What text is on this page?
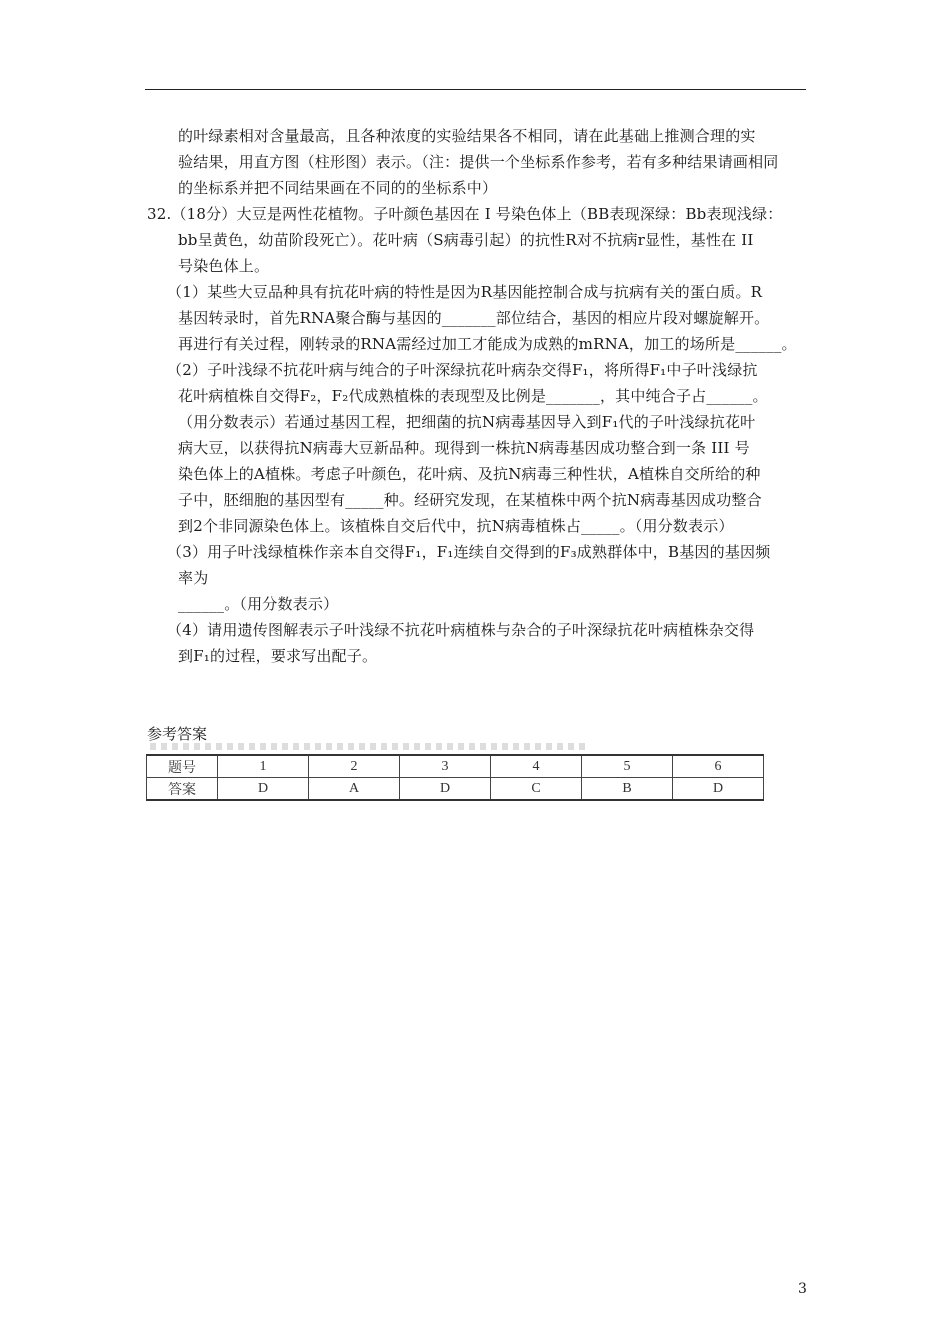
的叶绿素相对含量最高，且各种浓度的实验结果各不相同，请在此基础上推测合理的实
验结果，用直方图（柱形图）表示。（注：提供一个坐标系作参考，若有多种结果请画相同
的坐标系并把不同结果画在不同的的坐标系中）
32.（18分）大豆是两性花植物。子叶颜色基因在 I 号染色体上（BB表现深绿：Bb表现浅绿：
bb呈黄色，幼苗阶段死亡）。花叶病（S病毒引起）的抗性R对不抗病r显性，基性在 II
号染色体上。
（1）某些大豆品种具有抗花叶病的特性是因为R基因能控制合成与抗病有关的蛋白质。R
基因转录时，首先RNA聚合酶与基因的_______部位结合，基因的相应片段对螺旋解开。
再进行有关过程，刚转录的RNA需经过加工才能成为成熟的mRNA，加工的场所是______。
（2）子叶浅绿不抗花叶病与纯合的子叶深绿抗花叶病杂交得F₁，将所得F₁中子叶浅绿抗
花叶病植株自交得F₂，F₂代成熟植株的表现型及比例是_______，其中纯合子占______。
（用分数表示）若通过基因工程，把细菌的抗N病毒基因导入到F₁代的子叶浅绿抗花叶
病大豆，以获得抗N病毒大豆新品种。现得到一株抗N病毒基因成功整合到一条 III 号
染色体上的A植株。考虑子叶颜色，花叶病、及抗N病毒三种性状，A植株自交所给的种
子中，胚细胞的基因型有_____种。经研究发现，在某植株中两个抗N病毒基因成功整合
到2个非同源染色体上。该植株自交后代中，抗N病毒植株占_____。（用分数表示）
（3）用子叶浅绿植株作亲本自交得F₁，F₁连续自交得到的F₃成熟群体中，B基因的基因频
率为
______。（用分数表示）
（4）请用遗传图解表示子叶浅绿不抗花叶病植株与杂合的子叶深绿抗花叶病植株杂交得
到F₁的过程，要求写出配子。
参考答案
题号	1	2	3	4	5	6
答案	D	A	D	C	B	D
3
